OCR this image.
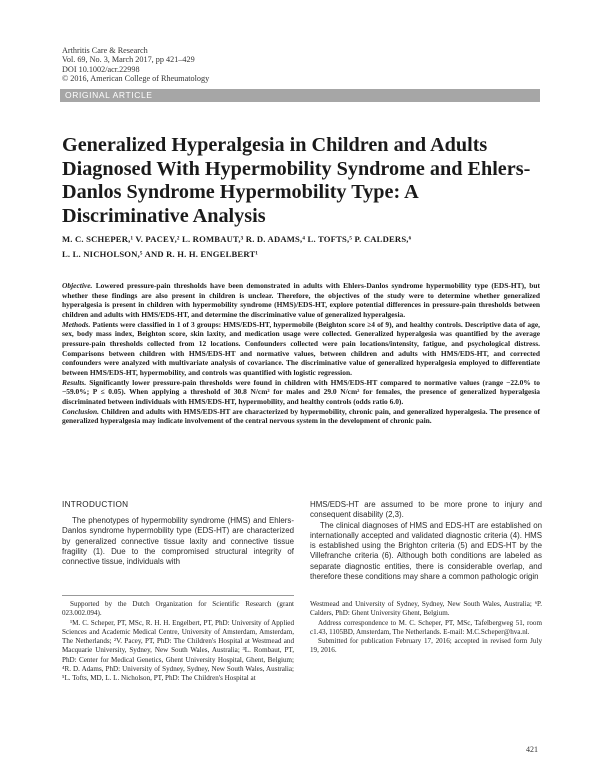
Arthritis Care & Research
Vol. 69, No. 3, March 2017, pp 421–429
DOI 10.1002/acr.22998
© 2016, American College of Rheumatology
ORIGINAL ARTICLE
Generalized Hyperalgesia in Children and Adults Diagnosed With Hypermobility Syndrome and Ehlers-Danlos Syndrome Hypermobility Type: A Discriminative Analysis
M. C. SCHEPER,¹ V. PACEY,² L. ROMBAUT,³ R. D. ADAMS,⁴ L. TOFTS,⁵ P. CALDERS,⁶
L. L. NICHOLSON,⁵ AND R. H. H. ENGELBERT¹

Objective. Lowered pressure-pain thresholds have been demonstrated in adults with Ehlers-Danlos syndrome hypermobility type (EDS-HT), but whether these findings are also present in children is unclear. Therefore, the objectives of the study were to determine whether generalized hyperalgesia is present in children with hypermobility syndrome (HMS)/EDS-HT, explore potential differences in pressure-pain thresholds between children and adults with HMS/EDS-HT, and determine the discriminative value of generalized hyperalgesia.

Methods. Patients were classified in 1 of 3 groups: HMS/EDS-HT, hypermobile (Beighton score ≥4 of 9), and healthy controls. Descriptive data of age, sex, body mass index, Beighton score, skin laxity, and medication usage were collected. Generalized hyperalgesia was quantified by the average pressure-pain thresholds collected from 12 locations. Confounders collected were pain locations/intensity, fatigue, and psychological distress. Comparisons between children with HMS/EDS-HT and normative values, between children and adults with HMS/EDS-HT, and corrected confounders were analyzed with multivariate analysis of covariance. The discriminative value of generalized hyperalgesia employed to differentiate between HMS/EDS-HT, hypermobility, and controls was quantified with logistic regression.

Results. Significantly lower pressure-pain thresholds were found in children with HMS/EDS-HT compared to normative values (range −22.0% to −59.0%; P ≤ 0.05). When applying a threshold of 30.8 N/cm² for males and 29.0 N/cm² for females, the presence of generalized hyperalgesia discriminated between individuals with HMS/EDS-HT, hypermobility, and healthy controls (odds ratio 6.0).

Conclusion. Children and adults with HMS/EDS-HT are characterized by hypermobility, chronic pain, and generalized hyperalgesia. The presence of generalized hyperalgesia may indicate involvement of the central nervous system in the development of chronic pain.

INTRODUCTION

The phenotypes of hypermobility syndrome (HMS) and Ehlers-Danlos syndrome hypermobility type (EDS-HT) are characterized by generalized connective tissue laxity and connective tissue fragility (1). Due to the compromised structural integrity of connective tissue, individuals with

HMS/EDS-HT are assumed to be more prone to injury and consequent disability (2,3).

The clinical diagnoses of HMS and EDS-HT are established on internationally accepted and validated diagnostic criteria (4). HMS is established using the Brighton criteria (5) and EDS-HT by the Villefranche criteria (6). Although both conditions are labeled as separate diagnostic entities, there is considerable overlap, and therefore these conditions may share a common pathologic origin

Supported by the Dutch Organization for Scientific Research (grant 023.002.094).

¹M. C. Scheper, PT, MSc, R. H. H. Engelbert, PT, PhD: University of Applied Sciences and Academic Medical Centre, University of Amsterdam, Amsterdam, The Netherlands; ²V. Pacey, PT, PhD: The Children's Hospital at Westmead and Macquarie University, Sydney, New South Wales, Australia; ³L. Rombaut, PT, PhD: Center for Medical Genetics, Ghent University Hospital, Ghent, Belgium; ⁴R. D. Adams, PhD: University of Sydney, Sydney, New South Wales, Australia; ⁵L. Tofts, MD, L. L. Nicholson, PT, PhD: The Children's Hospital at

Westmead and University of Sydney, Sydney, New South Wales, Australia; ⁶P. Calders, PhD: Ghent University Ghent, Belgium.

Address correspondence to M. C. Scheper, PT, MSc, Tafelbergweg 51, room c1.43, 1105BD, Amsterdam, The Netherlands. E-mail: M.C.Scheper@hva.nl.

Submitted for publication February 17, 2016; accepted in revised form July 19, 2016.

421
